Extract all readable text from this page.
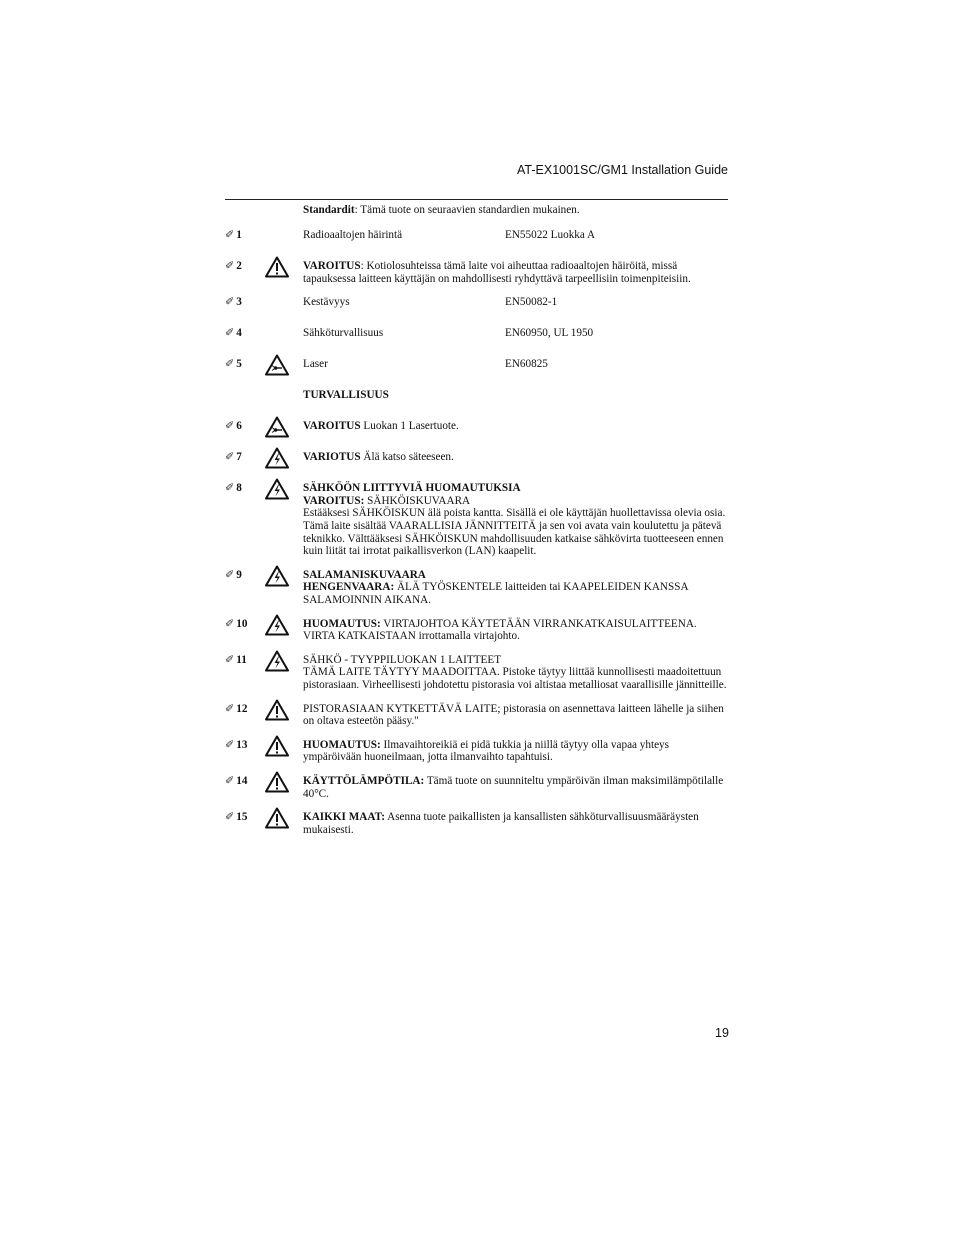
AT-EX1001SC/GM1 Installation Guide
Standardit: Tämä tuote on seuraavien standardien mukainen.
✐ 1	Radioaaltojen häirintä	EN55022 Luokka A
✐ 2	VAROITUS: Kotiolosuhteissa tämä laite voi aiheuttaa radioaaltojen häiröitä, missä tapauksessa laitteen käyttäjän on mahdollisesti ryhdyttävä tarpeellisiin toimenpiteisiin.
✐ 3	Kestävyys	EN50082-1
✐ 4	Sähköturvallisuus	EN60950, UL 1950
✐ 5	Laser	EN60825
TURVALLISUUS
✐ 6	VAROITUS Luokan 1 Lasertuote.
✐ 7	VARIOTUS Älä katso säteeseen.
✐ 8	SÄHKÖÖN LIITTYVIÄ HUOMAUTUKSIA
VAROITUS: SÄHKÖISKUVAARA
Estääksesi SÄHKÖISKUN älä poista kantta. Sisällä ei ole käyttäjän huollettavissa olevia osia. Tämä laite sisältää VAARALLISIA JÄNNITTEITÄ ja sen voi avata vain koulutettu ja pätevä teknikko. Välttääksesi SÄHKÖISKUN mahdollisuuden katkaise sähkövirta tuotteeseen ennen kuin liität tai irrotat paikallisverkon (LAN) kaapelit.
✐ 9	SALAMANISKUVAARA
HENGENVAARA: ÄLÄ TYÖSKENTELE laitteiden tai KAAPELEIDEN KANSSA SALAMOINNIN AIKANA.
✐ 10	HUOMAUTUS: VIRTAJOHTOA KÄYTETÄÄN VIRRANKATKAISULAITTEENA. VIRTA KATKAISTAAN irrottamalla virtajohto.
✐ 11	SÄHKÖ - TYYPPILUOKAN 1 LAITTEET
TÄMÄ LAITE TÄYTYY MAADOITTAA. Pistoke täytyy liittää kunnollisesti maadoitettuun pistorasiaan. Virheellisesti johdotettu pistorasia voi altistaa metalliosat vaarallisille jännitteille.
✐ 12	PISTORASIAAN KYTKETTÄVÄ LAITE; pistorasia on asennettava laitteen lähelle ja siihen on oltava esteetön pääsy."
✐ 13	HUOMAUTUS: Ilmavaihtoreikiä ei pidä tukkia ja niillä täytyy olla vapaa yhteys ympäröivään huoneilmaan, jotta ilmanvaihto tapahtuisi.
✐ 14	KÄYTTÖLÄMPÖTILA: Tämä tuote on suunniteltu ympäröivän ilman maksimilämpötilalle 40°C.
✐ 15	KAIKKI MAAT: Asenna tuote paikallisten ja kansallisten sähköturvallisuusmääräysten mukaisesti.
19
